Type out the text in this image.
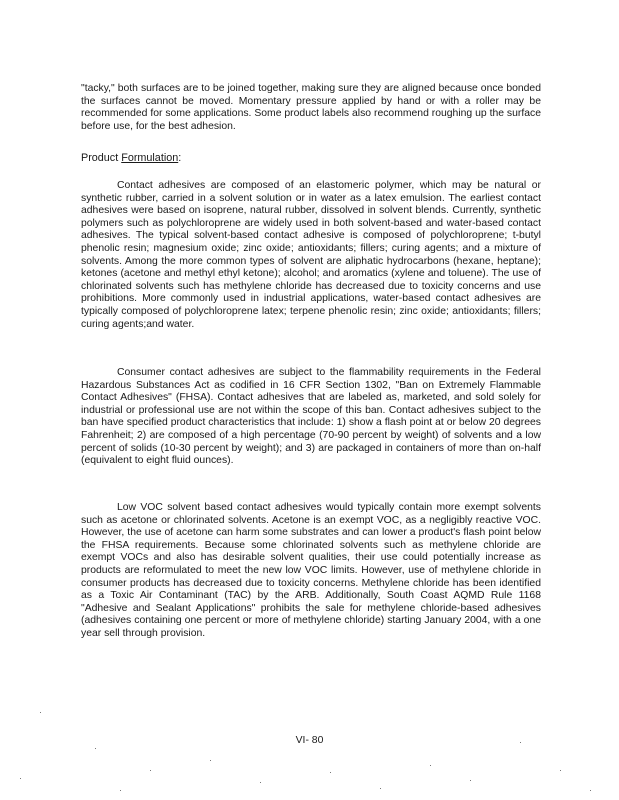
"tacky," both surfaces are to be joined together, making sure they are aligned because once bonded the surfaces cannot be moved. Momentary pressure applied by hand or with a roller may be recommended for some applications. Some product labels also recommend roughing up the surface before use, for the best adhesion.

Product Formulation:

Contact adhesives are composed of an elastomeric polymer, which may be natural or synthetic rubber, carried in a solvent solution or in water as a latex emulsion. The earliest contact adhesives were based on isoprene, natural rubber, dissolved in solvent blends. Currently, synthetic polymers such as polychloroprene are widely used in both solvent-based and water-based contact adhesives. The typical solvent-based contact adhesive is composed of polychloroprene; t-butyl phenolic resin; magnesium oxide; zinc oxide; antioxidants; fillers; curing agents; and a mixture of solvents. Among the more common types of solvent are aliphatic hydrocarbons (hexane, heptane); ketones (acetone and methyl ethyl ketone); alcohol; and aromatics (xylene and toluene). The use of chlorinated solvents such has methylene chloride has decreased due to toxicity concerns and use prohibitions. More commonly used in industrial applications, water-based contact adhesives are typically composed of polychloroprene latex; terpene phenolic resin; zinc oxide; antioxidants; fillers; curing agents;and water.

Consumer contact adhesives are subject to the flammability requirements in the Federal Hazardous Substances Act as codified in 16 CFR Section 1302, "Ban on Extremely Flammable Contact Adhesives" (FHSA). Contact adhesives that are labeled as, marketed, and sold solely for industrial or professional use are not within the scope of this ban. Contact adhesives subject to the ban have specified product characteristics that include: 1) show a flash point at or below 20 degrees Fahrenheit; 2) are composed of a high percentage (70-90 percent by weight) of solvents and a low percent of solids (10-30 percent by weight); and 3) are packaged in containers of more than on-half (equivalent to eight fluid ounces).

Low VOC solvent based contact adhesives would typically contain more exempt solvents such as acetone or chlorinated solvents. Acetone is an exempt VOC, as a negligibly reactive VOC. However, the use of acetone can harm some substrates and can lower a product's flash point below the FHSA requirements. Because some chlorinated solvents such as methylene chloride are exempt VOCs and also has desirable solvent qualities, their use could potentially increase as products are reformulated to meet the new low VOC limits. However, use of methylene chloride in consumer products has decreased due to toxicity concerns. Methylene chloride has been identified as a Toxic Air Contaminant (TAC) by the ARB. Additionally, South Coast AQMD Rule 1168 "Adhesive and Sealant Applications" prohibits the sale for methylene chloride-based adhesives (adhesives containing one percent or more of methylene chloride) starting January 2004, with a one year sell through provision.

VI- 80
